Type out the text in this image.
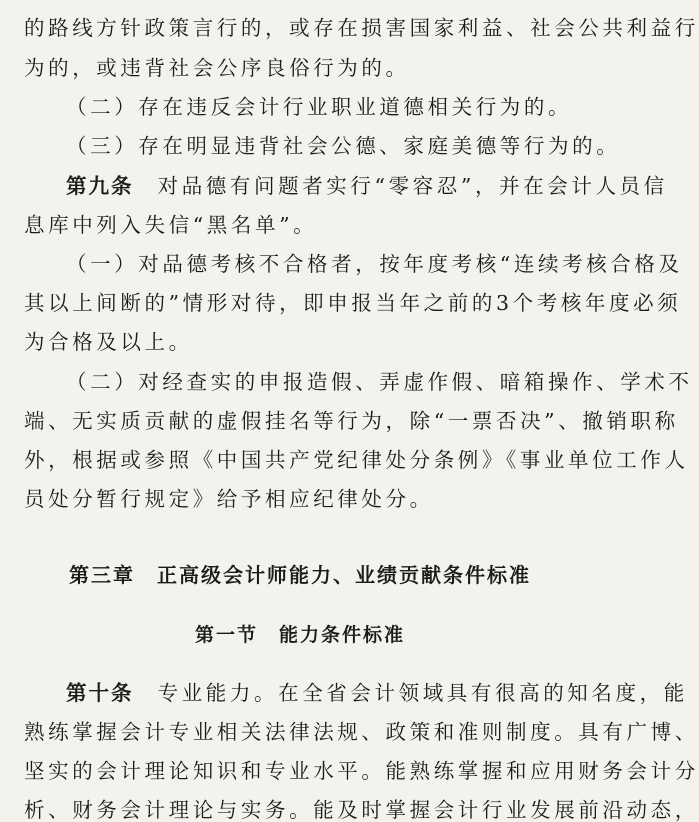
的路线方针政策言行的，或存在损害国家利益、社会公共利益行
为的，或违背社会公序良俗行为的。
（二）存在违反会计行业职业道德相关行为的。
（三）存在明显违背社会公德、家庭美德等行为的。
第九条　对品德有问题者实行“零容忍”，并在会计人员信
息库中列入失信“黑名单”。
（一）对品德考核不合格者，按年度考核“连续考核合格及
其以上间断的”情形对待，即申报当年之前的3个考核年度必须
为合格及以上。
（二）对经查实的申报造假、弄虚作假、暗箱操作、学术不
端、无实质贡献的虚假挂名等行为，除“一票否决”、撤销职称
外，根据或参照《中国共产党纪律处分条例》《事业单位工作人
员处分暂行规定》给予相应纪律处分。
第三章　正高级会计师能力、业绩贡献条件标准
第一节　能力条件标准
第十条　专业能力。在全省会计领域具有很高的知名度，能
熟练掌握会计专业相关法律法规、政策和准则制度。具有广博、
坚实的会计理论知识和专业水平。能熟练掌握和应用财务会计分
析、财务会计理论与实务。能及时掌握会计行业发展前沿动态，
